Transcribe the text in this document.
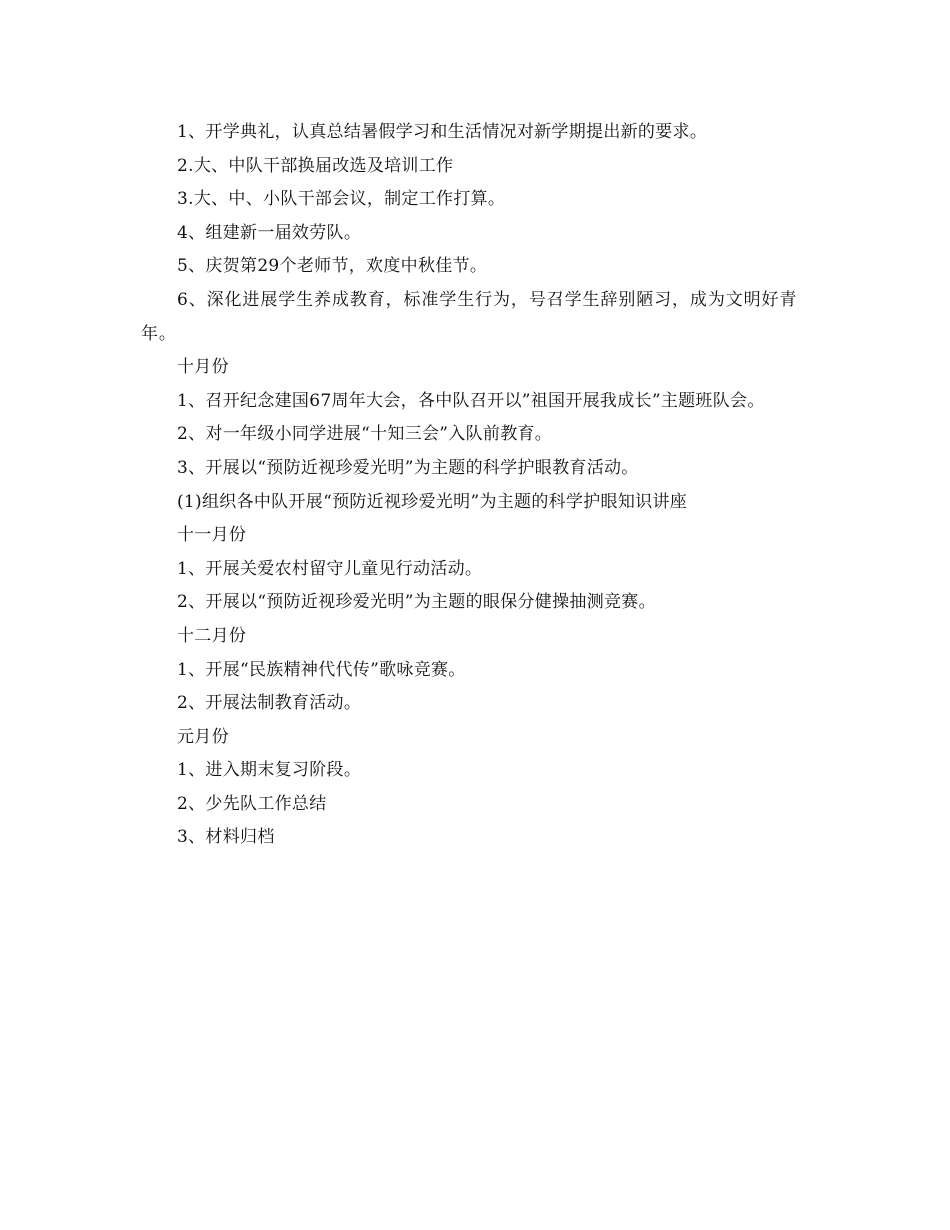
1、开学典礼，认真总结暑假学习和生活情况对新学期提出新的要求。

2.大、中队干部换届改选及培训工作

3.大、中、小队干部会议，制定工作打算。

4、组建新一届效劳队。

5、庆贺第29个老师节，欢度中秋佳节。

6、深化进展学生养成教育，标准学生行为，号召学生辞别陋习，成为文明好青年。

十月份

1、召开纪念建国67周年大会，各中队召开以”祖国开展我成长”主题班队会。

2、对一年级小同学进展“十知三会”入队前教育。

3、开展以“预防近视珍爱光明”为主题的科学护眼教育活动。

(1)组织各中队开展“预防近视珍爱光明”为主题的科学护眼知识讲座

十一月份

1、开展关爱农村留守儿童见行动活动。

2、开展以“预防近视珍爱光明”为主题的眼保分健操抽测竞赛。

十二月份

1、开展“民族精神代代传”歌咏竞赛。

2、开展法制教育活动。

元月份

1、进入期末复习阶段。

2、少先队工作总结

3、材料归档
